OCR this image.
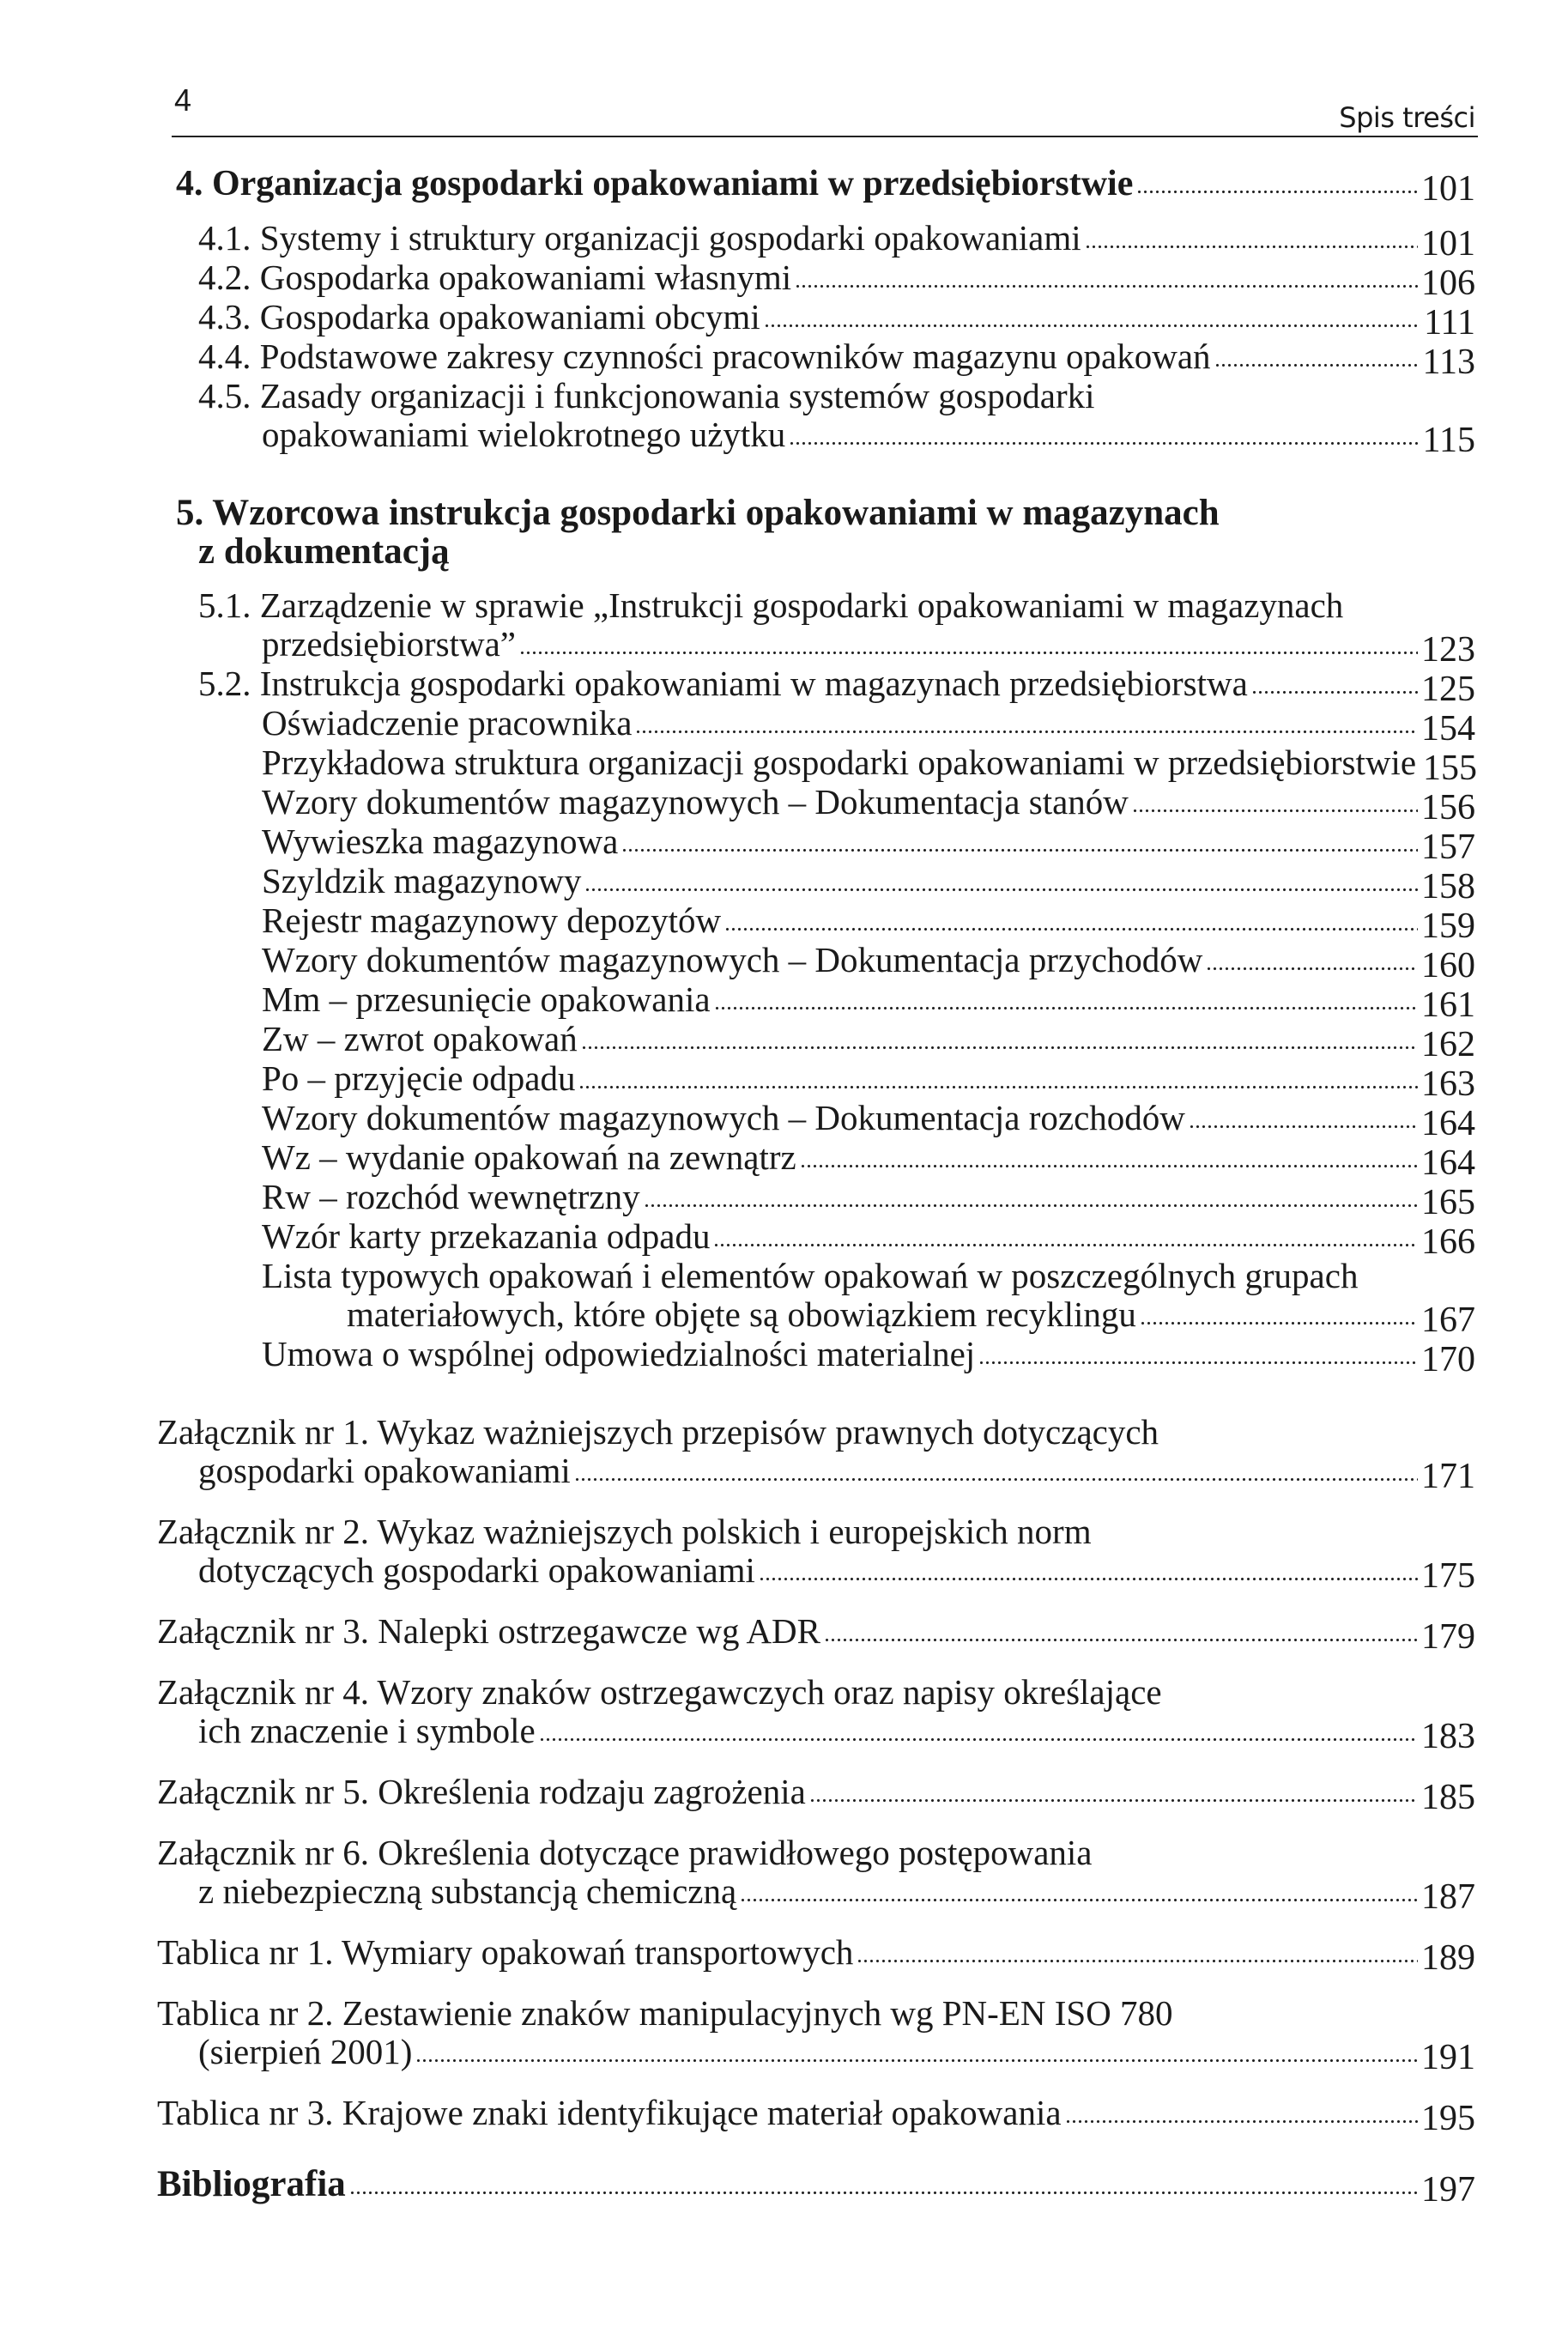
4	Spis treści
4. Organizacja gospodarki opakowaniami w przedsiębiorstwie	101
4.1. Systemy i struktury organizacji gospodarki opakowaniami	101
4.2. Gospodarka opakowaniami własnymi	106
4.3. Gospodarka opakowaniami obcymi	111
4.4. Podstawowe zakresy czynności pracowników magazynu opakowań	113
4.5. Zasady organizacji i funkcjonowania systemów gospodarki
opakowaniami wielokrotnego użytku	115
5. Wzorcowa instrukcja gospodarki opakowaniami w magazynach
z dokumentacją
5.1. Zarządzenie w sprawie „Instrukcji gospodarki opakowaniami w magazynach
przedsiębiorstwa”	123
5.2. Instrukcja gospodarki opakowaniami w magazynach przedsiębiorstwa	125
Oświadczenie pracownika	154
Przykładowa struktura organizacji gospodarki opakowaniami w przedsiębiorstwie 155
Wzory dokumentów magazynowych – Dokumentacja stanów	156
Wywieszka magazynowa	157
Szyldzik magazynowy	158
Rejestr magazynowy depozytów	159
Wzory dokumentów magazynowych – Dokumentacja przychodów	160
Mm – przesunięcie opakowania	161
Zw – zwrot opakowań	162
Po – przyjęcie odpadu	163
Wzory dokumentów magazynowych – Dokumentacja rozchodów	164
Wz – wydanie opakowań na zewnątrz	164
Rw – rozchód wewnętrzny	165
Wzór karty przekazania odpadu	166
Lista typowych opakowań i elementów opakowań w poszczególnych grupach
materiałowych, które objęte są obowiązkiem recyklingu	167
Umowa o wspólnej odpowiedzialności materialnej	170
Załącznik nr 1. Wykaz ważniejszych przepisów prawnych dotyczących
gospodarki opakowaniami	171
Załącznik nr 2. Wykaz ważniejszych polskich i europejskich norm
dotyczących gospodarki opakowaniami	175
Załącznik nr 3. Nalepki ostrzegawcze wg ADR	179
Załącznik nr 4. Wzory znaków ostrzegawczych oraz napisy określające
ich znaczenie i symbole	183
Załącznik nr 5. Określenia rodzaju zagrożenia	185
Załącznik nr 6. Określenia dotyczące prawidłowego postępowania
z niebezpieczną substancją chemiczną	187
Tablica nr 1. Wymiary opakowań transportowych	189
Tablica nr 2. Zestawienie znaków manipulacyjnych wg PN-EN ISO 780
(sierpień 2001)	191
Tablica nr 3. Krajowe znaki identyfikujące materiał opakowania	195
Bibliografia	197
